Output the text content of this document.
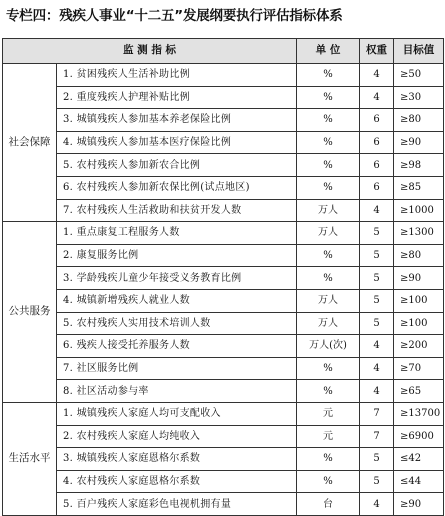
专栏四：残疾人事业“十二五”发展纲要执行评估指标体系
监 测 指 标		单 位	权重	目标值
社会保障	1. 贫困残疾人生活补助比例	%	4	≥50
	2. 重度残疾人护理补贴比例	%	4	≥30
	3. 城镇残疾人参加基本养老保险比例	%	6	≥80
	4. 城镇残疾人参加基本医疗保险比例	%	6	≥90
	5. 农村残疾人参加新农合比例	%	6	≥98
	6. 农村残疾人参加新农保比例(试点地区)	%	6	≥85
	7. 农村残疾人生活救助和扶贫开发人数	万人	4	≥1000
公共服务	1. 重点康复工程服务人数	万人	5	≥1300
	2. 康复服务比例	%	5	≥80
	3. 学龄残疾儿童少年接受义务教育比例	%	5	≥90
	4. 城镇新增残疾人就业人数	万人	5	≥100
	5. 农村残疾人实用技术培训人数	万人	5	≥100
	6. 残疾人接受托养服务人数	万人(次)	4	≥200
	7. 社区服务比例	%	4	≥70
	8. 社区活动参与率	%	4	≥65
生活水平	1. 城镇残疾人家庭人均可支配收入	元	7	≥13700
	2. 农村残疾人家庭人均纯收入	元	7	≥6900
	3. 城镇残疾人家庭恩格尔系数	%	5	≤42
	4. 农村残疾人家庭恩格尔系数	%	5	≤44
	5. 百户残疾人家庭彩色电视机拥有量	台	4	≥90
